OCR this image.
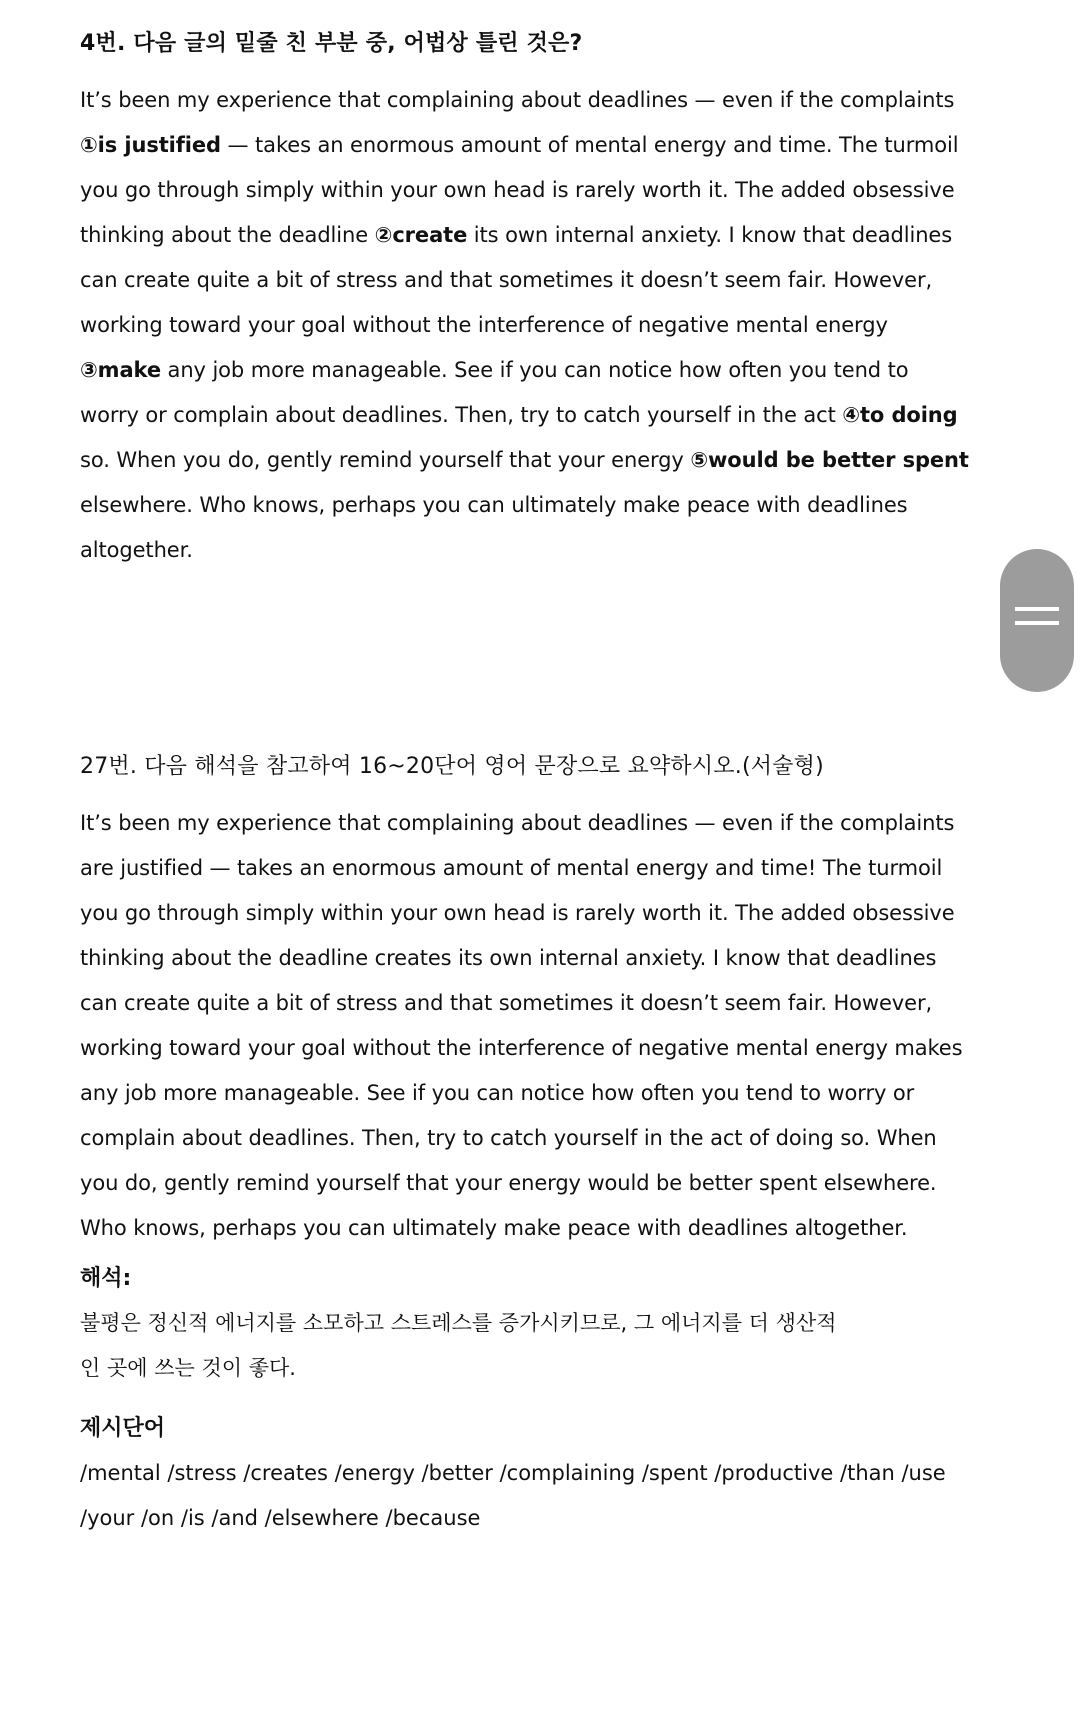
4번. 다음 글의 밑줄 친 부분 중, 어법상 틀린 것은?
It’s been my experience that complaining about deadlines — even if the complaints
①is justified — takes an enormous amount of mental energy and time. The turmoil
you go through simply within your own head is rarely worth it. The added obsessive
thinking about the deadline ②create its own internal anxiety. I know that deadlines
can create quite a bit of stress and that sometimes it doesn’t seem fair. However,
working toward your goal without the interference of negative mental energy
③make any job more manageable. See if you can notice how often you tend to
worry or complain about deadlines. Then, try to catch yourself in the act ④to doing
so. When you do, gently remind yourself that your energy ⑤would be better spent
elsewhere. Who knows, perhaps you can ultimately make peace with deadlines
altogether.
27번. 다음 해석을 참고하여 16~20단어 영어 문장으로 요약하시오.(서술형)
It’s been my experience that complaining about deadlines — even if the complaints
are justified — takes an enormous amount of mental energy and time! The turmoil
you go through simply within your own head is rarely worth it. The added obsessive
thinking about the deadline creates its own internal anxiety. I know that deadlines
can create quite a bit of stress and that sometimes it doesn’t seem fair. However,
working toward your goal without the interference of negative mental energy makes
any job more manageable. See if you can notice how often you tend to worry or
complain about deadlines. Then, try to catch yourself in the act of doing so. When
you do, gently remind yourself that your energy would be better spent elsewhere.
Who knows, perhaps you can ultimately make peace with deadlines altogether.
해석:
불평은 정신적 에너지를 소모하고 스트레스를 증가시키므로, 그 에너지를 더 생산적
인 곳에 쓰는 것이 좋다.
제시단어
/mental /stress /creates /energy /better /complaining /spent /productive /than /use
/your /on /is /and /elsewhere /because
